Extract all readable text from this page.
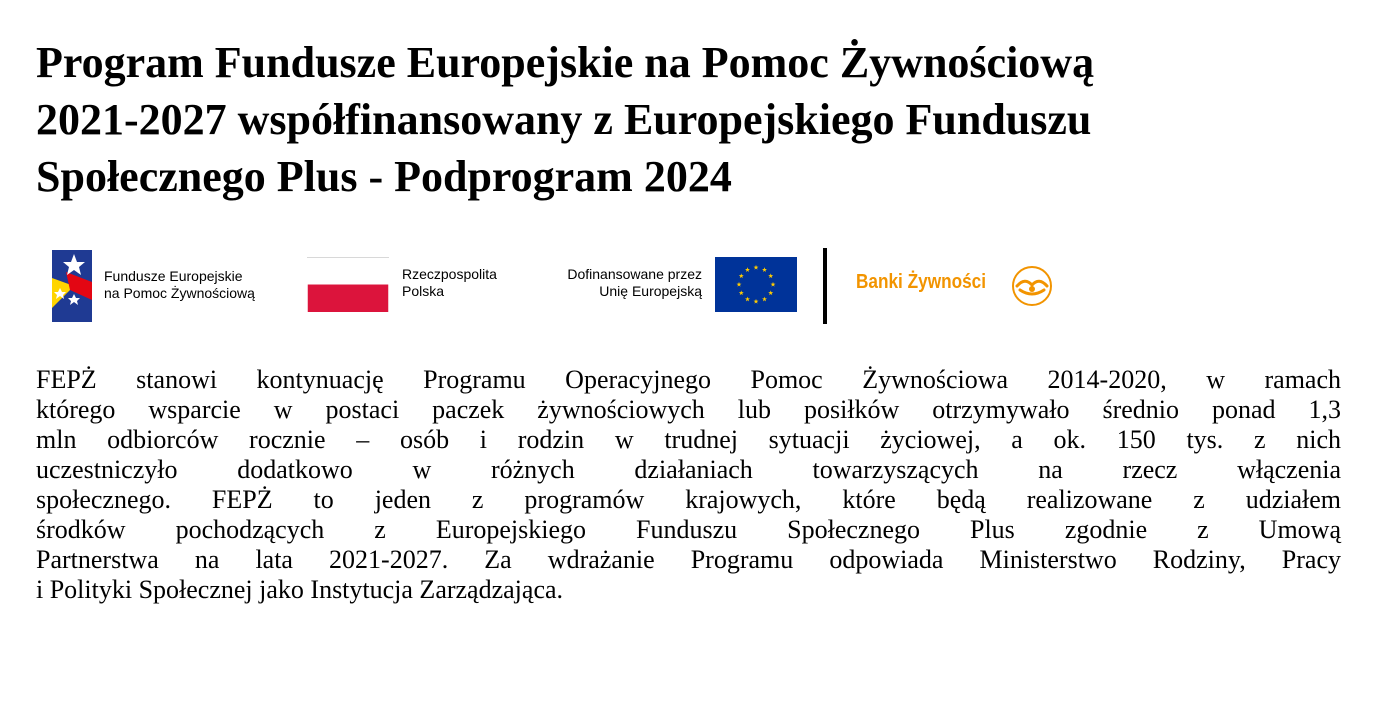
Program Fundusze Europejskie na Pomoc Żywnościową
2021-2027 współfinansowany z Europejskiego Funduszu
Społecznego Plus - Podprogram 2024
Fundusze Europejskie
na Pomoc Żywnościową
Rzeczpospolita
Polska
Dofinansowane przez
Unię Europejską	Banki Żywności

FEPŻ stanowi kontynuację Programu Operacyjnego Pomoc Żywnościowa 2014-2020, w ramach
którego wsparcie w postaci paczek żywnościowych lub posiłków otrzymywało średnio ponad 1,3
mln odbiorców rocznie – osób i rodzin w trudnej sytuacji życiowej, a ok. 150 tys. z nich
uczestniczyło dodatkowo w różnych działaniach towarzyszących na rzecz włączenia
społecznego. FEPŻ to jeden z programów krajowych, które będą realizowane z udziałem
środków pochodzących z Europejskiego Funduszu Społecznego Plus zgodnie z Umową
Partnerstwa na lata 2021-2027. Za wdrażanie Programu odpowiada Ministerstwo Rodziny, Pracy
i Polityki Społecznej jako Instytucja Zarządzająca.
